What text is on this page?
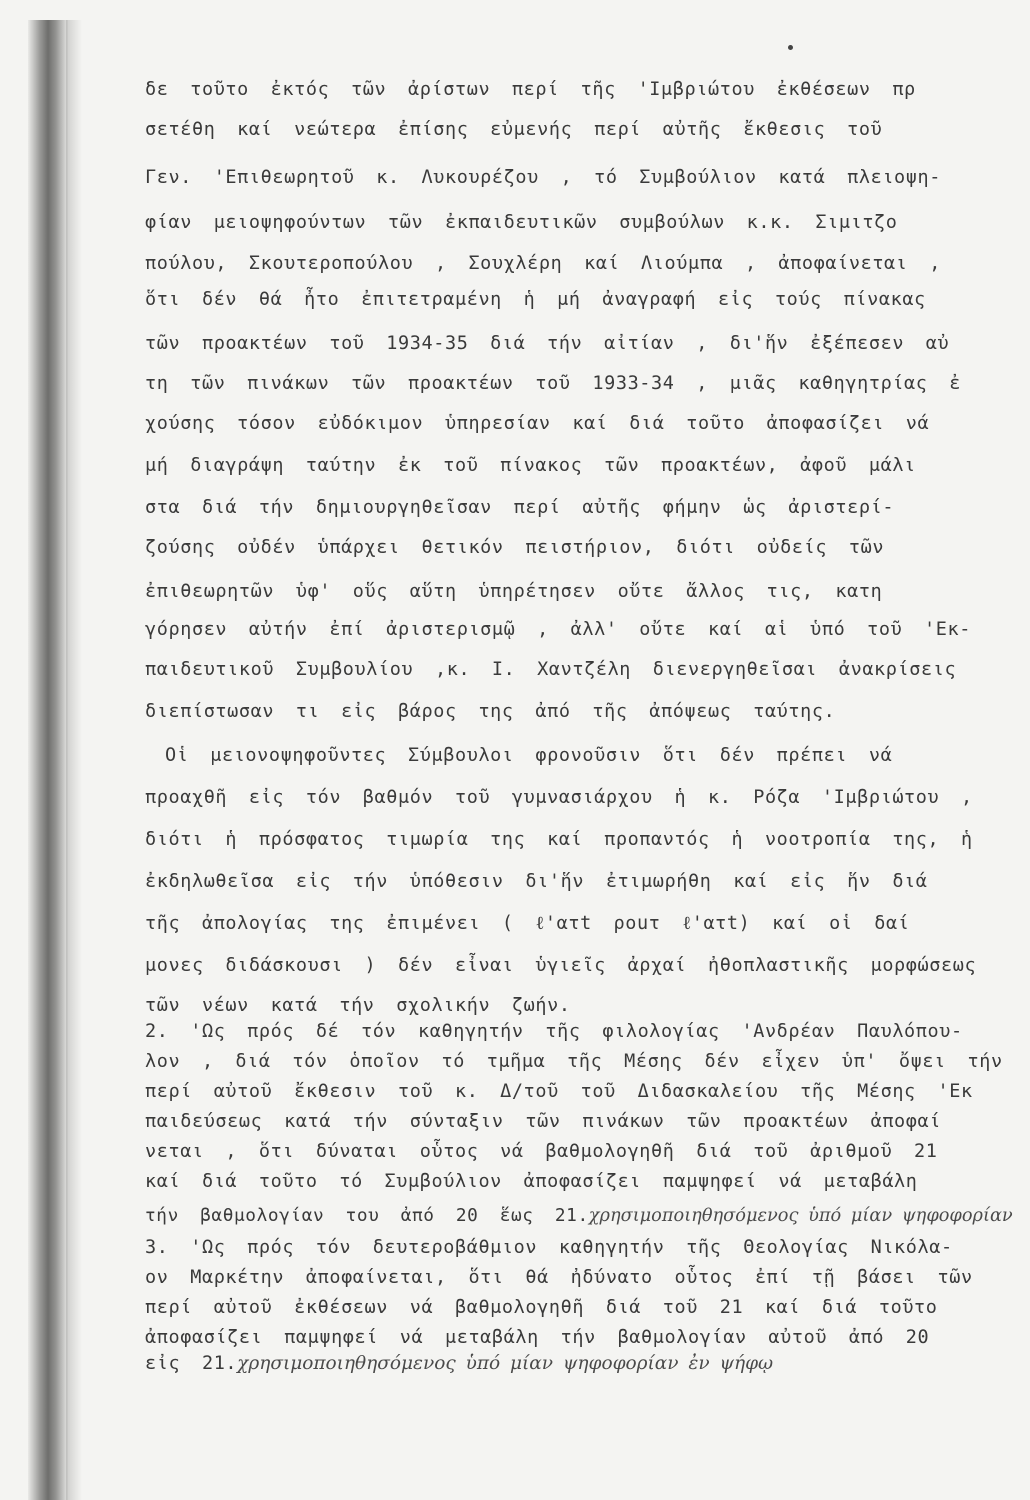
δε τοῦτο ἐκτός τῶν ἀρίστων περί τῆς 'Ιμβριώτου ἐκθέσεων πρ
σετέθη καί νεώτερα ἐπίσης εὐμενής περί αὐτῆς ἔκθεσις τοῦ
Γεν. 'Επιθεωρητοῦ κ. Λυκουρέζου , τό Συμβούλιον κατά πλειοψη-
φίαν μειοψηφούντων τῶν ἐκπαιδευτικῶν συμβούλων κ.κ. Σιμιτζο
πούλου, Σκουτεροπούλου , Σουχλέρη καί Λιούμπα , ἀποφαίνεται ,
ὅτι δέν θά ἦτο ἐπιτετραμένη ἡ μή ἀναγραφή εἰς τούς πίνακας
τῶν προακτέων τοῦ 1934-35 διά τήν αἰτίαν , δι'ἥν ἐξέπεσεν αὐ
τη τῶν πινάκων τῶν προακτέων τοῦ 1933-34 , μιᾶς καθηγητρίας ἐ
χούσης τόσον εὐδόκιμον ὑπηρεσίαν καί διά τοῦτο ἀποφασίζει νά
μή διαγράψη ταύτην ἐκ τοῦ πίνακος τῶν προακτέων, ἀφοῦ μάλι
στα διά τήν δημιουργηθεῖσαν περί αὐτῆς φήμην ὡς ἀριστερί-
ζούσης οὐδέν ὑπάρχει θετικόν πειστήριον, διότι οὐδείς τῶν
ἐπιθεωρητῶν ὑφ' οὕς αὕτη ὑπηρέτησεν οὔτε ἄλλος τις, κατη
γόρησεν αὐτήν ἐπί ἀριστερισμῷ , ἀλλ' οὔτε καί αἱ ὑπό τοῦ 'Εκ-
παιδευτικοῦ Συμβουλίου ,κ. Ι. Χαντζέλη διενεργηθεῖσαι ἀνακρίσεις
διεπίστωσαν τι εἰς βάρος της ἀπό τῆς ἀπόψεως ταύτης.
Οἱ μειονοψηφοῦντες Σύμβουλοι φρονοῦσιν ὅτι δέν πρέπει νά
προαχθῆ εἰς τόν βαθμόν τοῦ γυμνασιάρχου ἡ κ. Ρόζα 'Ιμβριώτου ,
διότι ἡ πρόσφατος τιμωρία της καί προπαντός ἡ νοοτροπία της, ἡ
ἐκδηλωθεῖσα εἰς τήν ὑπόθεσιν δι'ἥν ἐτιμωρήθη καί εἰς ἥν διά
τῆς ἀπολογίας της ἐπιμένει ( ℓ'ατt ροuτ ℓ'ατt) καί οἱ δαί
μονες διδάσκουσι ) δέν εἶναι ὑγιεῖς ἀρχαί ἠθοπλαστικῆς μορφώσεως
τῶν νέων κατά τήν σχολικήν ζωήν.
2. 'Ως πρός δέ τόν καθηγητήν τῆς φιλολογίας 'Ανδρέαν Παυλόπου-
λον , διά τόν ὁποῖον τό τμῆμα τῆς Μέσης δέν εἶχεν ὑπ' ὄψει τήν
περί αὐτοῦ ἔκθεσιν τοῦ κ. Δ/τοῦ τοῦ Διδασκαλείου τῆς Μέσης 'Εκ
παιδεύσεως κατά τήν σύνταξιν τῶν πινάκων τῶν προακτέων ἀποφαί
νεται , ὅτι δύναται οὗτος νά βαθμολογηθῆ διά τοῦ ἀριθμοῦ 21
καί διά τοῦτο τό Συμβούλιον ἀποφασίζει παμψηφεί νά μεταβάλη
τήν βαθμολογίαν του ἀπό 20 ἕως 21.χρησιμοποιηθησόμενος ὑπό μίαν ψηφοφορίαν
3. 'Ως πρός τόν δευτεροβάθμιον καθηγητήν τῆς Θεολογίας Νικόλα-
ον Μαρκέτην ἀποφαίνεται, ὅτι θά ἠδύνατο οὗτος ἐπί τῇ βάσει τῶν
περί αὐτοῦ ἐκθέσεων νά βαθμολογηθῆ διά τοῦ 21 καί διά τοῦτο
ἀποφασίζει παμψηφεί νά μεταβάλη τήν βαθμολογίαν αὐτοῦ ἀπό 20
εἰς 21.χρησιμοποιηθησόμενος ὑπό μίαν ψηφοφορίαν ἐν ψήφῳ
